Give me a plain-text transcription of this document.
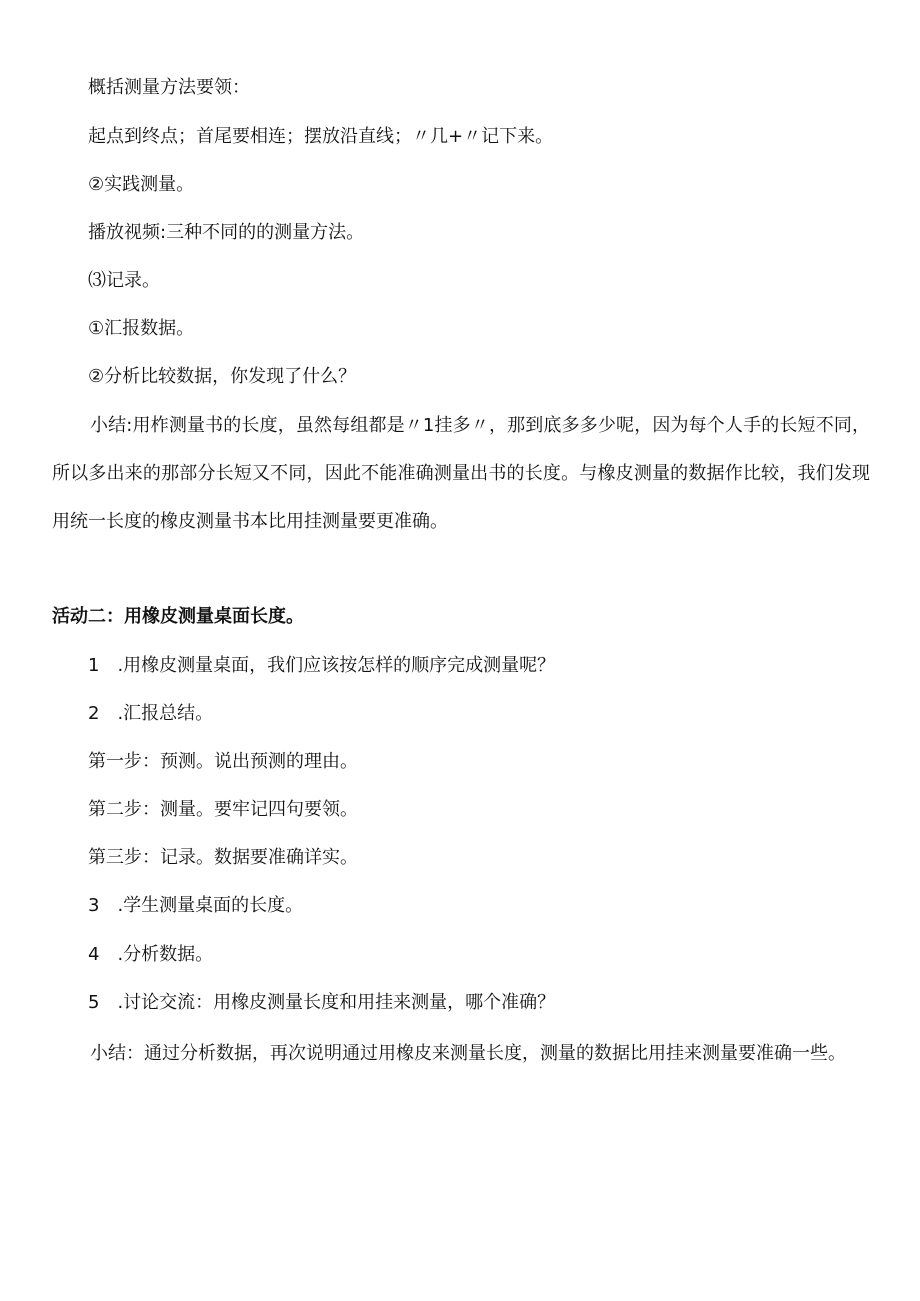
概括测量方法要领：
起点到终点；首尾要相连；摆放沿直线；〃几+〃记下来。
②实践测量。
播放视频:三种不同的的测量方法。
⑶记录。
①汇报数据。
②分析比较数据，你发现了什么？
小结:用柞测量书的长度，虽然每组都是〃1挂多〃，那到底多多少呢，因为每个人手的长短不同，所以多出来的那部分长短又不同，因此不能准确测量出书的长度。与橡皮测量的数据作比较，我们发现用统一长度的橡皮测量书本比用挂测量要更准确。
活动二：用橡皮测量桌面长度。
1　.用橡皮测量桌面，我们应该按怎样的顺序完成测量呢？
2　.汇报总结。
第一步：预测。说出预测的理由。
第二步：测量。要牢记四句要领。
第三步：记录。数据要准确详实。
3　.学生测量桌面的长度。
4　.分析数据。
5　.讨论交流：用橡皮测量长度和用挂来测量，哪个准确？
小结：通过分析数据，再次说明通过用橡皮来测量长度，测量的数据比用挂来测量要准确一些。
